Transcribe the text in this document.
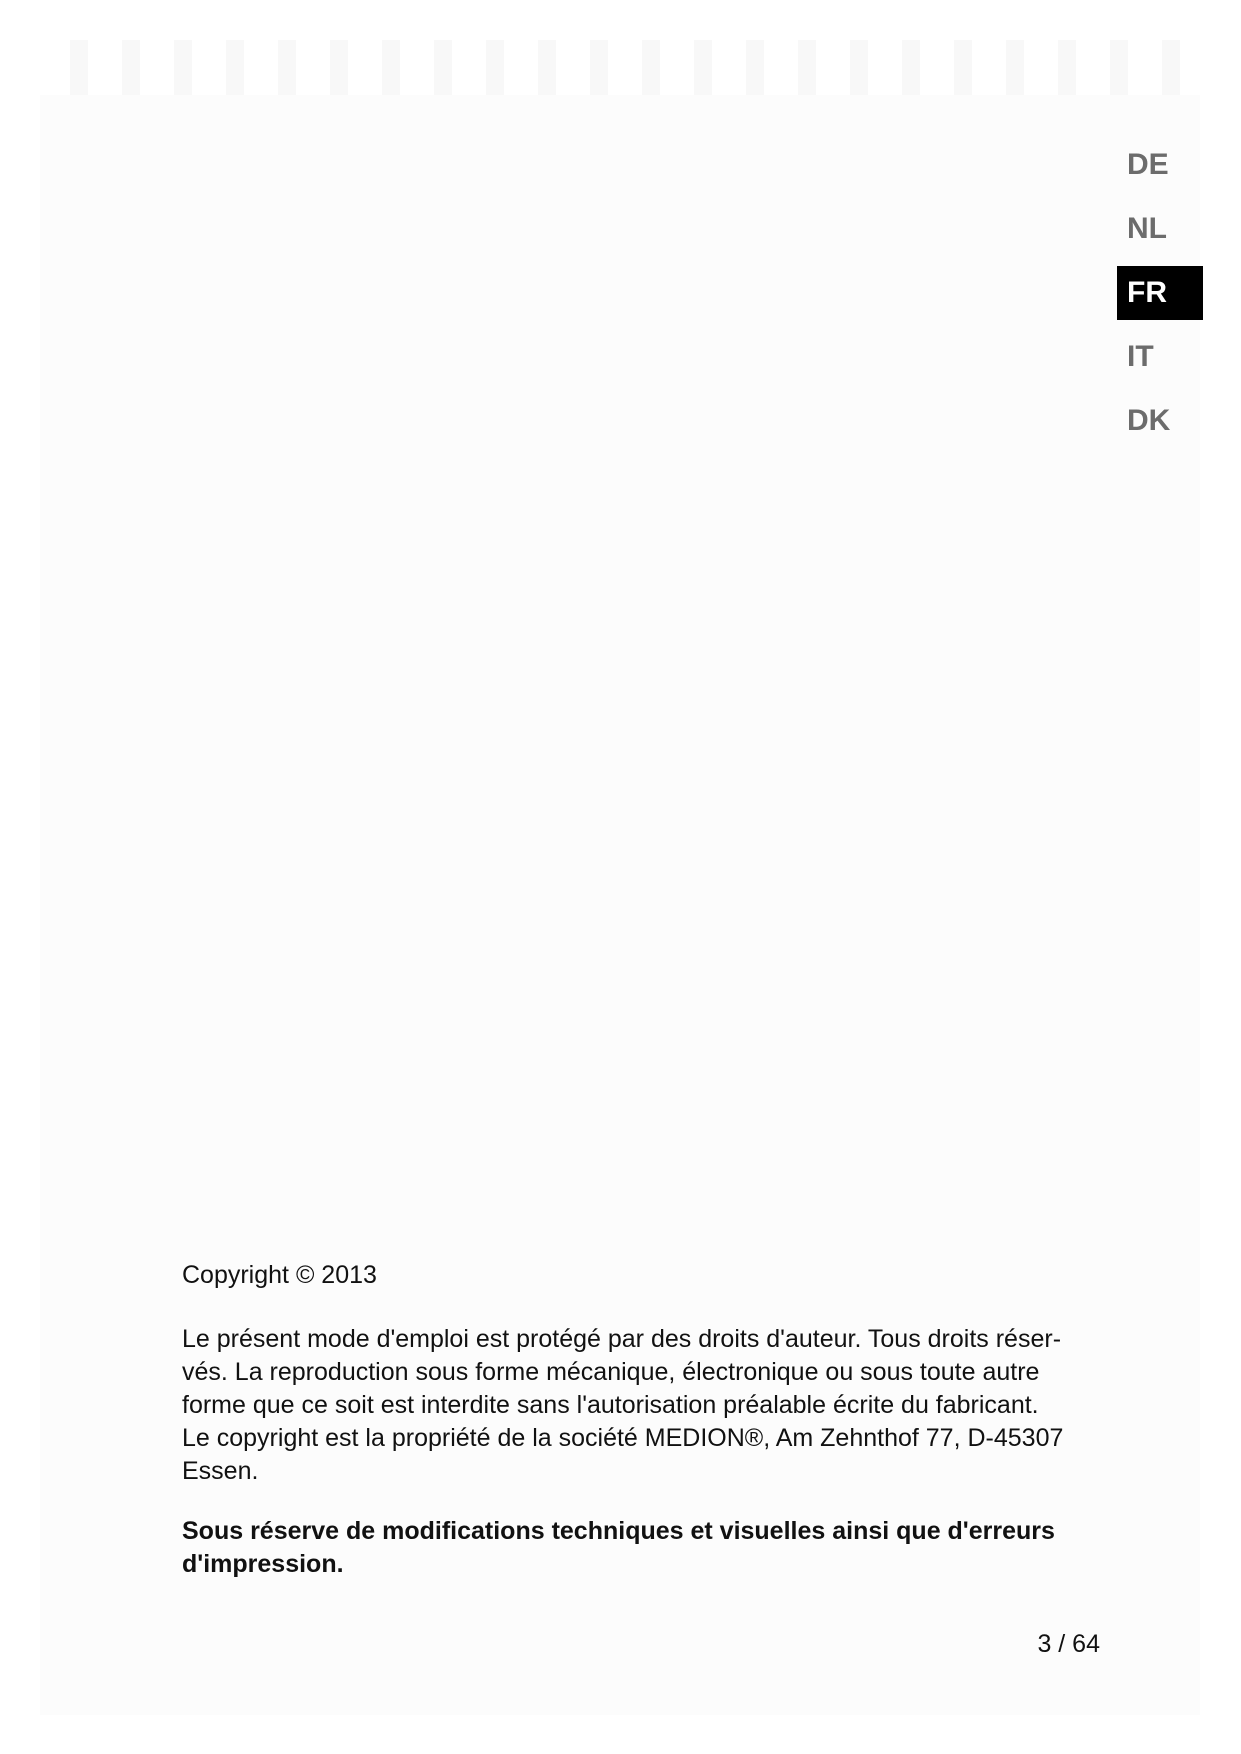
DE
NL
FR
IT
DK

Copyright © 2013

Le présent mode d'emploi est protégé par des droits d'auteur. Tous droits réser-
vés. La reproduction sous forme mécanique, électronique ou sous toute autre
forme que ce soit est interdite sans l'autorisation préalable écrite du fabricant.
Le copyright est la propriété de la société MEDION®, Am Zehnthof 77, D-45307
Essen.

Sous réserve de modifications techniques et visuelles ainsi que d'erreurs
d'impression.

3 / 64
